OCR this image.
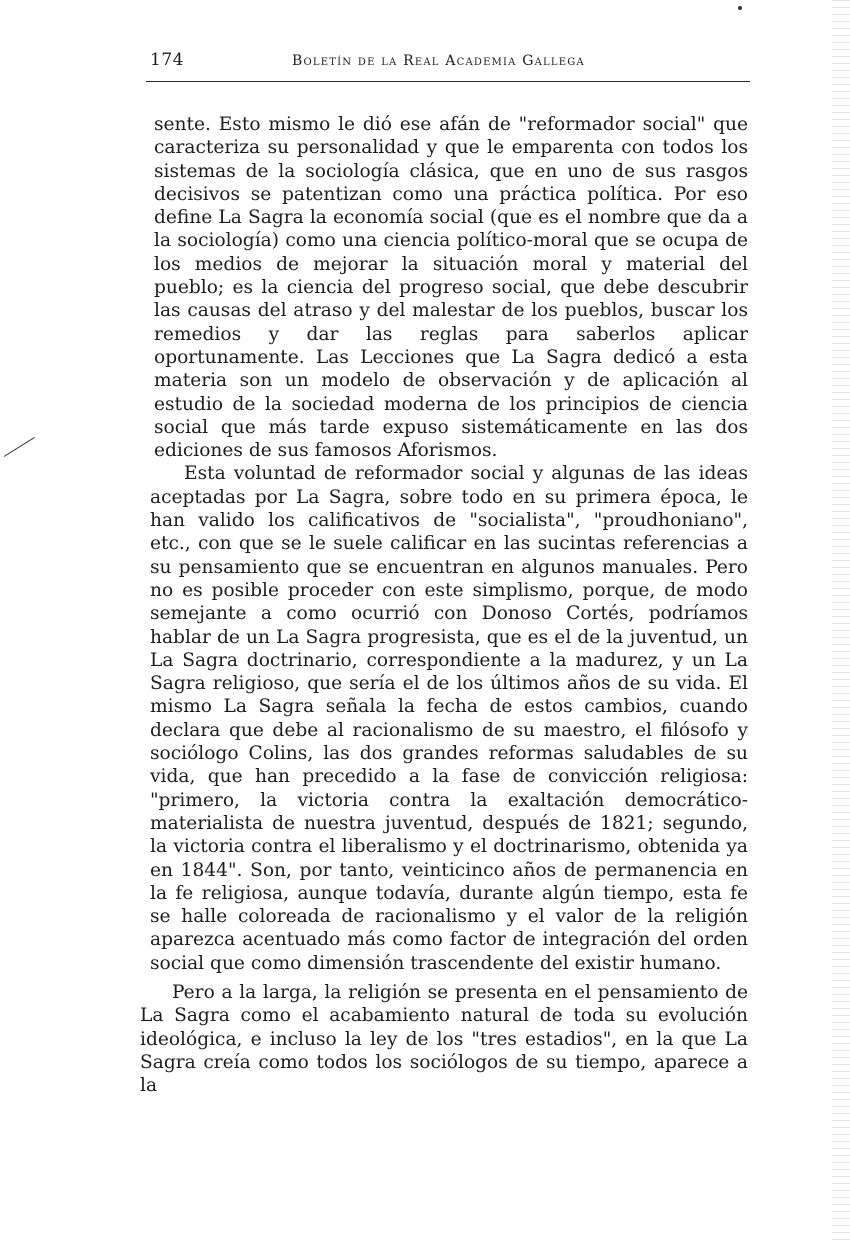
174	Boletín de la Real Academia Gallega

sente. Esto mismo le dió ese afán de "reformador social" que caracteriza su personalidad y que le emparenta con todos los sistemas de la sociología clásica, que en uno de sus rasgos decisivos se patentizan como una práctica política. Por eso define La Sagra la economía social (que es el nombre que da a la sociología) como una ciencia político-moral que se ocupa de los medios de mejorar la situación moral y material del pueblo; es la ciencia del progreso social, que debe descubrir las causas del atraso y del malestar de los pueblos, buscar los remedios y dar las reglas para saberlos aplicar oportunamente. Las Lecciones que La Sagra dedicó a esta materia son un modelo de observación y de aplicación al estudio de la sociedad moderna de los principios de ciencia social que más tarde expuso sistemáticamente en las dos ediciones de sus famosos Aforismos.

Esta voluntad de reformador social y algunas de las ideas aceptadas por La Sagra, sobre todo en su primera época, le han valido los calificativos de "socialista", "proudhoniano", etc., con que se le suele calificar en las sucintas referencias a su pensamiento que se encuentran en algunos manuales. Pero no es posible proceder con este simplismo, porque, de modo semejante a como ocurrió con Donoso Cortés, podríamos hablar de un La Sagra progresista, que es el de la juventud, un La Sagra doctrinario, correspondiente a la madurez, y un La Sagra religioso, que sería el de los últimos años de su vida. El mismo La Sagra señala la fecha de estos cambios, cuando declara que debe al racionalismo de su maestro, el filósofo y sociólogo Colins, las dos grandes reformas saludables de su vida, que han precedido a la fase de convicción religiosa: "primero, la victoria contra la exaltación democrático-materialista de nuestra juventud, después de 1821; segundo, la victoria contra el liberalismo y el doctrinarismo, obtenida ya en 1844". Son, por tanto, veinticinco años de permanencia en la fe religiosa, aunque todavía, durante algún tiempo, esta fe se halle coloreada de racionalismo y el valor de la religión aparezca acentuado más como factor de integración del orden social que como dimensión trascendente del existir humano.

Pero a la larga, la religión se presenta en el pensamiento de La Sagra como el acabamiento natural de toda su evolución ideológica, e incluso la ley de los "tres estadios", en la que La Sagra creía como todos los sociólogos de su tiempo, aparece a la
